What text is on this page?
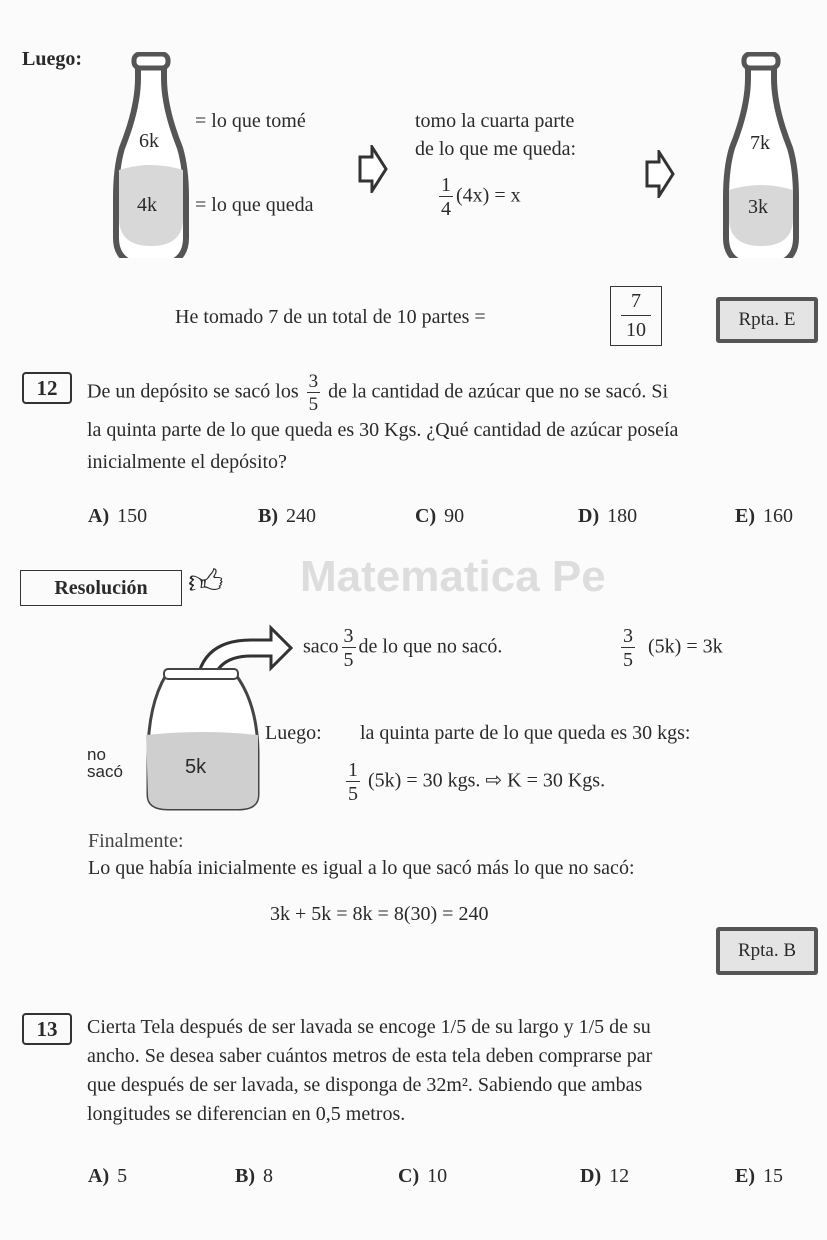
Matematica Pe
Luego:
6k
4k
= lo que tomé
= lo que queda
tomo la cuarta parte
de lo que me queda:
$\frac{1}{4} (4x) = x$
7k
3k
He tomado 7 de un total de 10 partes =
7
10	Rpta. E
12	De un depósito se sacó los $\frac{3}{5}$ de la cantidad de azúcar que no se sacó. Si
la quinta parte de lo que queda es 30 Kgs. ¿Qué cantidad de azúcar poseía
inicialmente el depósito?
A) 150	B) 240	C) 90	D) 180	E) 160
Resolución	👍︎
saco $\frac{3}{5}$ de lo que no sacó.	$\frac{3}{5} (5k) = 3k$
Luego: la quinta parte de lo que queda es 30 kgs:
no
sacó	5k	$\frac{1}{5} (5k) = 30$ kgs. ⇨ K = 30 Kgs.
Finalmente:
Lo que había inicialmente es igual a lo que sacó más lo que no sacó:
3k + 5k = 8k = 8(30) = 240
Rpta. B
13	Cierta Tela después de ser lavada se encoge 1/5 de su largo y 1/5 de su
ancho. Se desea saber cuántos metros de esta tela deben comprarse par
que después de ser lavada, se disponga de 32m². Sabiendo que ambas
longitudes se diferencian en 0,5 metros.
A) 5	B) 8	C) 10	D) 12	E) 15
